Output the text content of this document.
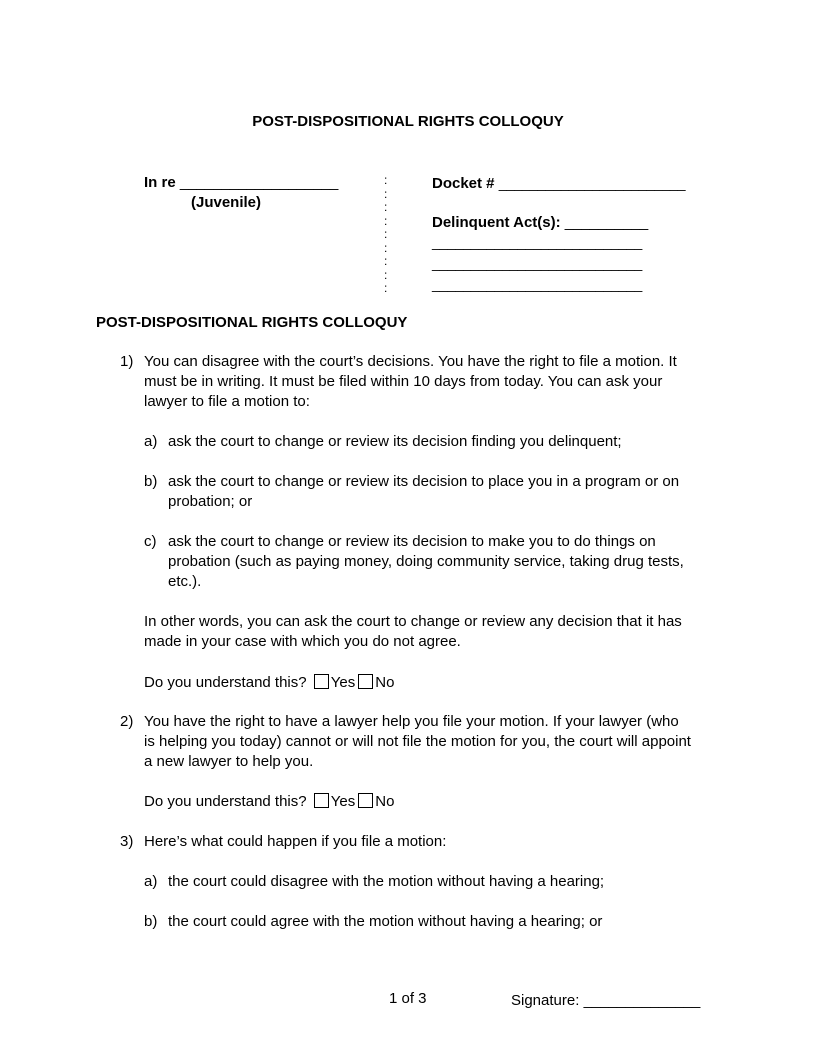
POST-DISPOSITIONAL RIGHTS COLLOQUY
In re ___________________
(Juvenile)
:
:
:
:
:
:
:
:
:
Docket # ________________________
Delinquent Act(s): __________
___________________________
___________________________
___________________________
POST-DISPOSITIONAL RIGHTS COLLOQUY
1) You can disagree with the court’s decisions. You have the right to file a motion. It
must be in writing. It must be filed within 10 days from today. You can ask your
lawyer to file a motion to:
a) ask the court to change or review its decision finding you delinquent;
b) ask the court to change or review its decision to place you in a program or on
probation; or
c) ask the court to change or review its decision to make you to do things on
probation (such as paying money, doing community service, taking drug tests,
etc.).
In other words, you can ask the court to change or review any decision that it has
made in your case with which you do not agree.
Do you understand this? Yes No
2) You have the right to have a lawyer help you file your motion. If your lawyer (who
is helping you today) cannot or will not file the motion for you, the court will appoint
a new lawyer to help you.
Do you understand this? Yes No
3) Here’s what could happen if you file a motion:
a) the court could disagree with the motion without having a hearing;
b) the court could agree with the motion without having a hearing; or
1 of 3	Signature: ______________
